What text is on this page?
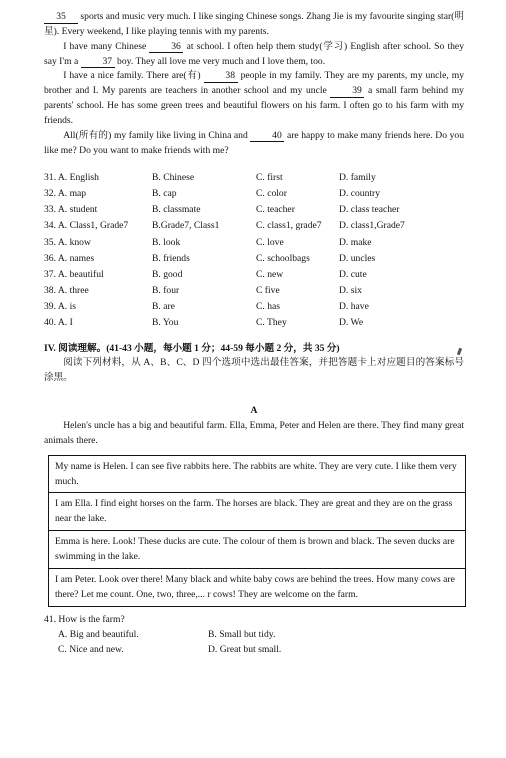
35 sports and music very much. I like singing Chinese songs. Zhang Jie is my favourite singing star(明星). Every weekend, I like playing tennis with my parents.

I have many Chinese	36 at school. I often help them study(学习) English after school. So they say I'm a	37 boy. They all love me very much and I love them, too.

I have a nice family. There are(有)	38 people in my family. They are my parents, my uncle, my brother and I. My parents are teachers in another school and my uncle	39 a small farm behind my parents' school. He has some green trees and beautiful flowers on his farm. I often go to his farm with my friends.

All(所有的) my family like living in China and	40 are happy to make many friends here. Do you like me? Do you want to make friends with me?

31. A. English	B. Chinese	C. first	D. family
32. A. map	B. cap	C. color	D. country
33. A. student	B. classmate	C. teacher	D. class teacher
34. A. Class1, Grade7	B.Grade7, Class1	C. class1, grade7	D. class1,Grade7
35. A. know	B. look	C. love	D. make
36. A. names	B. friends	C. schoolbags	D. uncles
37. A. beautiful	B. good	C. new	D. cute
38. A. three	B. four	C five	D. six
39. A. is	B. are	C. has	D. have
40. A. I	B. You	C. They	D. We

IV. 阅读理解。(41-43 小题，每小题 1 分；44-59 每小题 2 分，共 35 分)

阅读下列材料，从 A、B、C、D 四个选项中选出最佳答案，并把答题卡上对应题目的答案标号涂黑。

A

Helen's uncle has a big and beautiful farm. Ella, Emma, Peter and Helen are there. They find many great animals there.

My name is Helen. I can see five rabbits here. The rabbits are white. They are very cute. I like them very much.
I am Ella. I find eight horses on the farm. The horses are black. They are great and they are on the grass near the lake.
Emma is here. Look! These ducks are cute. The colour of them is brown and black. The seven ducks are swimming in the lake.
I am Peter. Look over there! Many black and white baby cows are behind the trees. How many cows are there? Let me count. One, two, three,... r cows! They are welcome on the farm.

41. How is the farm?

A. Big and beautiful.	B. Small but tidy.
C. Nice and new.	D. Great but small.
